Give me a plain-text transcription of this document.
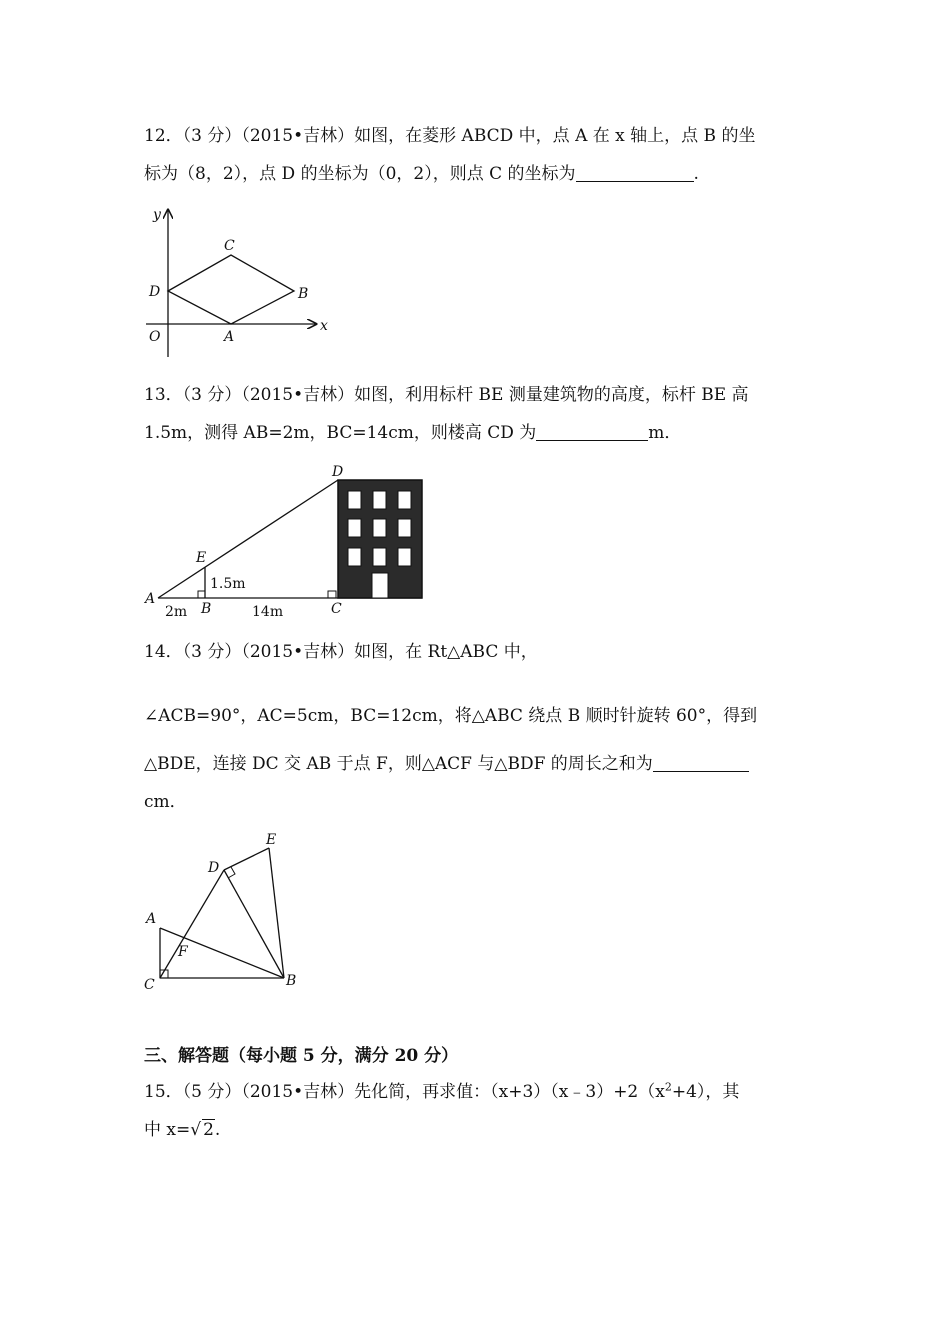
12．（3 分）（2015•吉林）如图，在菱形 ABCD 中，点 A 在 x 轴上，点 B 的坐
标为（8，2），点 D 的坐标为（0，2），则点 C 的坐标为	.
y
x
O	A
B
C
D
13．（3 分）（2015•吉林）如图，利用标杆 BE 测量建筑物的高度，标杆 BE 高
1.5m，测得 AB=2m，BC=14cm，则楼高 CD 为	m．
A
B	C
D
E
1.5m
2m	14m
14．（3 分）（2015•吉林）如图，在 Rt△ABC 中，
∠ACB=90°，AC=5cm，BC=12cm，将△ABC 绕点 B 顺时针旋转 60°，得到
△BDE，连接 DC 交 AB 于点 F，则△ACF 与△BDF 的周长之和为
cm．
A
B
C
D
E
F
三、解答题（每小题 5 分，满分 20 分）
15．（5 分）（2015•吉林）先化简，再求值：$(x+3)(x﹣3)+2(x^2+4)$，其
中 x=√ 2.
